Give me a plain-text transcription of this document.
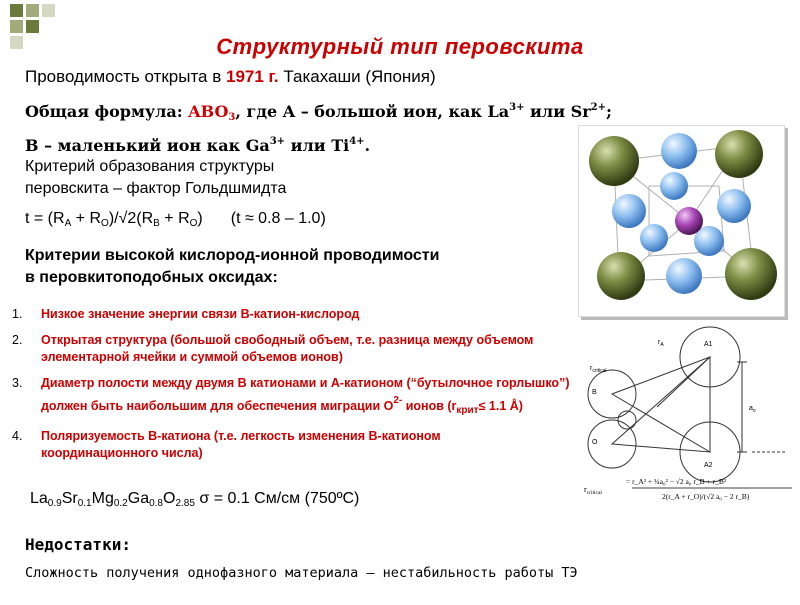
Структурный тип перовскита
Проводимость открыта в 1971 г. Такахаши (Япония)
Общая формула: $ABO_3$, где A – большой ион, как $La^{3+}$ или $Sr^{2+}$;
B – маленький ион как $Ga^{3+}$ или $Ti^{4+}$.
Критерий образования структуры
перовскита – фактор Гольдшмидта
$t = (R_A + R_O)/√2(R_B + R_O) (t \approx 0.8 - 1.0)$
Критерии высокой кислород-ионной проводимости
в перовкитоподобных оксидах:
1. Низкое значение энергии связи B-катион-кислород
2. Открытая структура (большой свободный объем, т.е. разница между объемом элементарной ячейки и суммой объемов ионов)
3. Диаметр полости между двумя B катионами и А-катионом (“бутылочное горлышко”) должен быть наибольшим для обеспечения миграции $O^{2-}$ ионов ($r_{крит}\le 1.1$ Å)
4. Поляризуемость B-катиона (т.е. легкость изменения B-катионом координационного числа)
$La_{0.9}Sr_{0.1}Mg_{0.2}Ga_{0.8}O_{2.85}$ σ = 0.1 См/см (750ºC)
Недостатки:
Сложность получения однофазного материала – нестабильность работы ТЭ
A1
A2
B
O
$r_A$
$r_{critical}$
$a_o$
$r_{critical}$
= r_A² + ¾a₀² − √2 a₀ r_B + r_B²
2(r_A + r_O)/(√2 a₀ − 2 r_B)
